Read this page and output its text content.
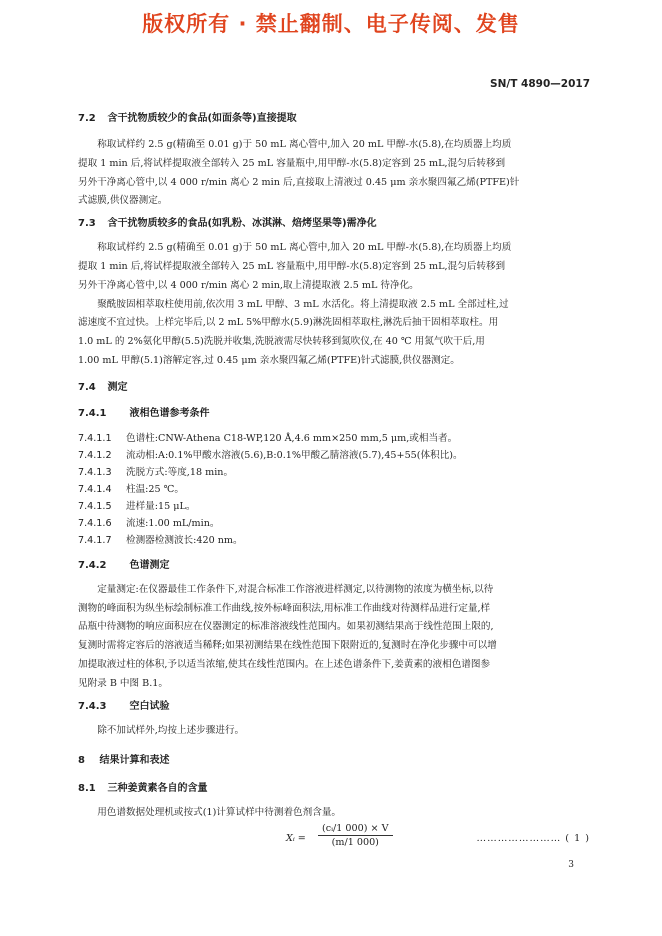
版权所有 · 禁止翻制、电子传阅、发售
SN/T 4890—2017
7.2 含干扰物质较少的食品(如面条等)直接提取
称取试样约 2.5 g(精确至 0.01 g)于 50 mL 离心管中,加入 20 mL 甲醇-水(5.8),在均质器上均质
提取 1 min 后,将试样提取液全部转入 25 mL 容量瓶中,用甲醇-水(5.8)定容到 25 mL,混匀后转移到
另外干净离心管中,以 4 000 r/min 离心 2 min 后,直接取上清液过 0.45 μm 亲水聚四氟乙烯(PTFE)针
式滤膜,供仪器测定。
7.3 含干扰物质较多的食品(如乳粉、冰淇淋、焙烤坚果等)需净化
称取试样约 2.5 g(精确至 0.01 g)于 50 mL 离心管中,加入 20 mL 甲醇-水(5.8),在均质器上均质
提取 1 min 后,将试样提取液全部转入 25 mL 容量瓶中,用甲醇-水(5.8)定容到 25 mL,混匀后转移到
另外干净离心管中,以 4 000 r/min 离心 2 min,取上清提取液 2.5 mL 待净化。
聚酰胺固相萃取柱使用前,依次用 3 mL 甲醇、3 mL 水活化。将上清提取液 2.5 mL 全部过柱,过
滤速度不宜过快。上样完毕后,以 2 mL 5%甲醇水(5.9)淋洗固相萃取柱,淋洗后抽干固相萃取柱。用
1.0 mL 的 2%氨化甲醇(5.5)洗脱并收集,洗脱液需尽快转移到氮吹仪,在 40 ℃ 用氮气吹干后,用
1.00 mL 甲醇(5.1)溶解定容,过 0.45 μm 亲水聚四氟乙烯(PTFE)针式滤膜,供仪器测定。
7.4 测定
7.4.1 液相色谱参考条件
7.4.1.1 色谱柱:CNW-Athena C18-WP,120 Å,4.6 mm×250 mm,5 μm,或相当者。
7.4.1.2 流动相:A:0.1%甲酸水溶液(5.6),B:0.1%甲酸乙腈溶液(5.7),45+55(体积比)。
7.4.1.3 洗脱方式:等度,18 min。
7.4.1.4 柱温:25 ℃。
7.4.1.5 进样量:15 μL。
7.4.1.6 流速:1.00 mL/min。
7.4.1.7 检测器检测波长:420 nm。
7.4.2 色谱测定
定量测定:在仪器最佳工作条件下,对混合标准工作溶液进样测定,以待测物的浓度为横坐标,以待
测物的峰面积为纵坐标绘制标准工作曲线,按外标峰面积法,用标准工作曲线对待测样品进行定量,样
品瓶中待测物的响应面积应在仪器测定的标准溶液线性范围内。如果初测结果高于线性范围上限的,
复测时需将定容后的溶液适当稀释;如果初测结果在线性范围下限附近的,复测时在净化步骤中可以增
加提取液过柱的体积,予以适当浓缩,使其在线性范围内。在上述色谱条件下,姜黄素的液相色谱图参
见附录 B 中图 B.1。
7.4.3 空白试验
除不加试样外,均按上述步骤进行。
8 结果计算和表述
8.1 三种姜黄素各自的含量
用色谱数据处理机或按式(1)计算试样中待测着色剂含量。
Xᵢ = $\frac{\text{(cᵢ/1 000) × V}}{(m/1 000)}$	…………………… ( 1 )
3
